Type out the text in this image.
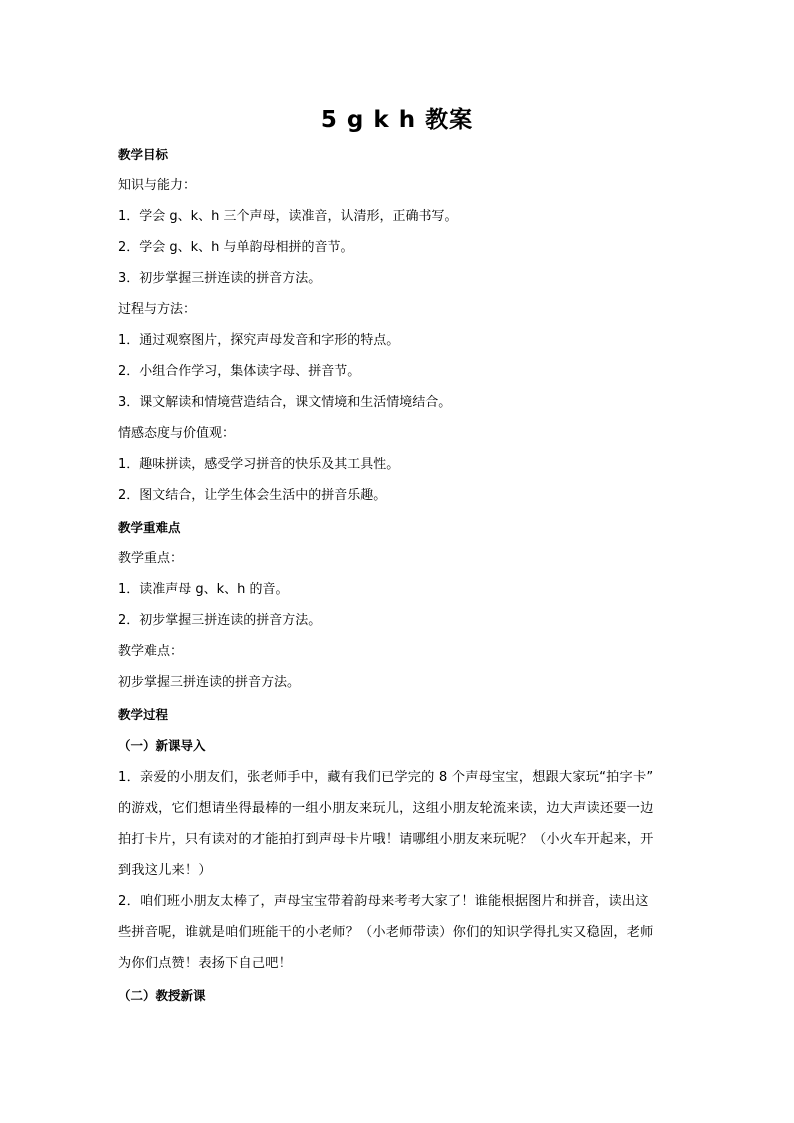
5 g k h 教案
教学目标
知识与能力：
1．学会 g、k、h 三个声母，读准音，认清形，正确书写。
2．学会 g、k、h 与单韵母相拼的音节。
3．初步掌握三拼连读的拼音方法。
过程与方法：
1．通过观察图片，探究声母发音和字形的特点。
2．小组合作学习，集体读字母、拼音节。
3．课文解读和情境营造结合，课文情境和生活情境结合。
情感态度与价值观：
1．趣味拼读，感受学习拼音的快乐及其工具性。
2．图文结合，让学生体会生活中的拼音乐趣。
教学重难点
教学重点：
1．读准声母 g、k、h 的音。
2．初步掌握三拼连读的拼音方法。
教学难点：
初步掌握三拼连读的拼音方法。
教学过程
（一）新课导入
1．亲爱的小朋友们，张老师手中，藏有我们已学完的 8 个声母宝宝，想跟大家玩“拍字卡”
的游戏，它们想请坐得最棒的一组小朋友来玩儿，这组小朋友轮流来读，边大声读还要一边
拍打卡片，只有读对的才能拍打到声母卡片哦！请哪组小朋友来玩呢？（小火车开起来，开
到我这儿来！）
2．咱们班小朋友太棒了，声母宝宝带着韵母来考考大家了！谁能根据图片和拼音，读出这
些拼音呢，谁就是咱们班能干的小老师？（小老师带读）你们的知识学得扎实又稳固，老师
为你们点赞！表扬下自己吧！
（二）教授新课
